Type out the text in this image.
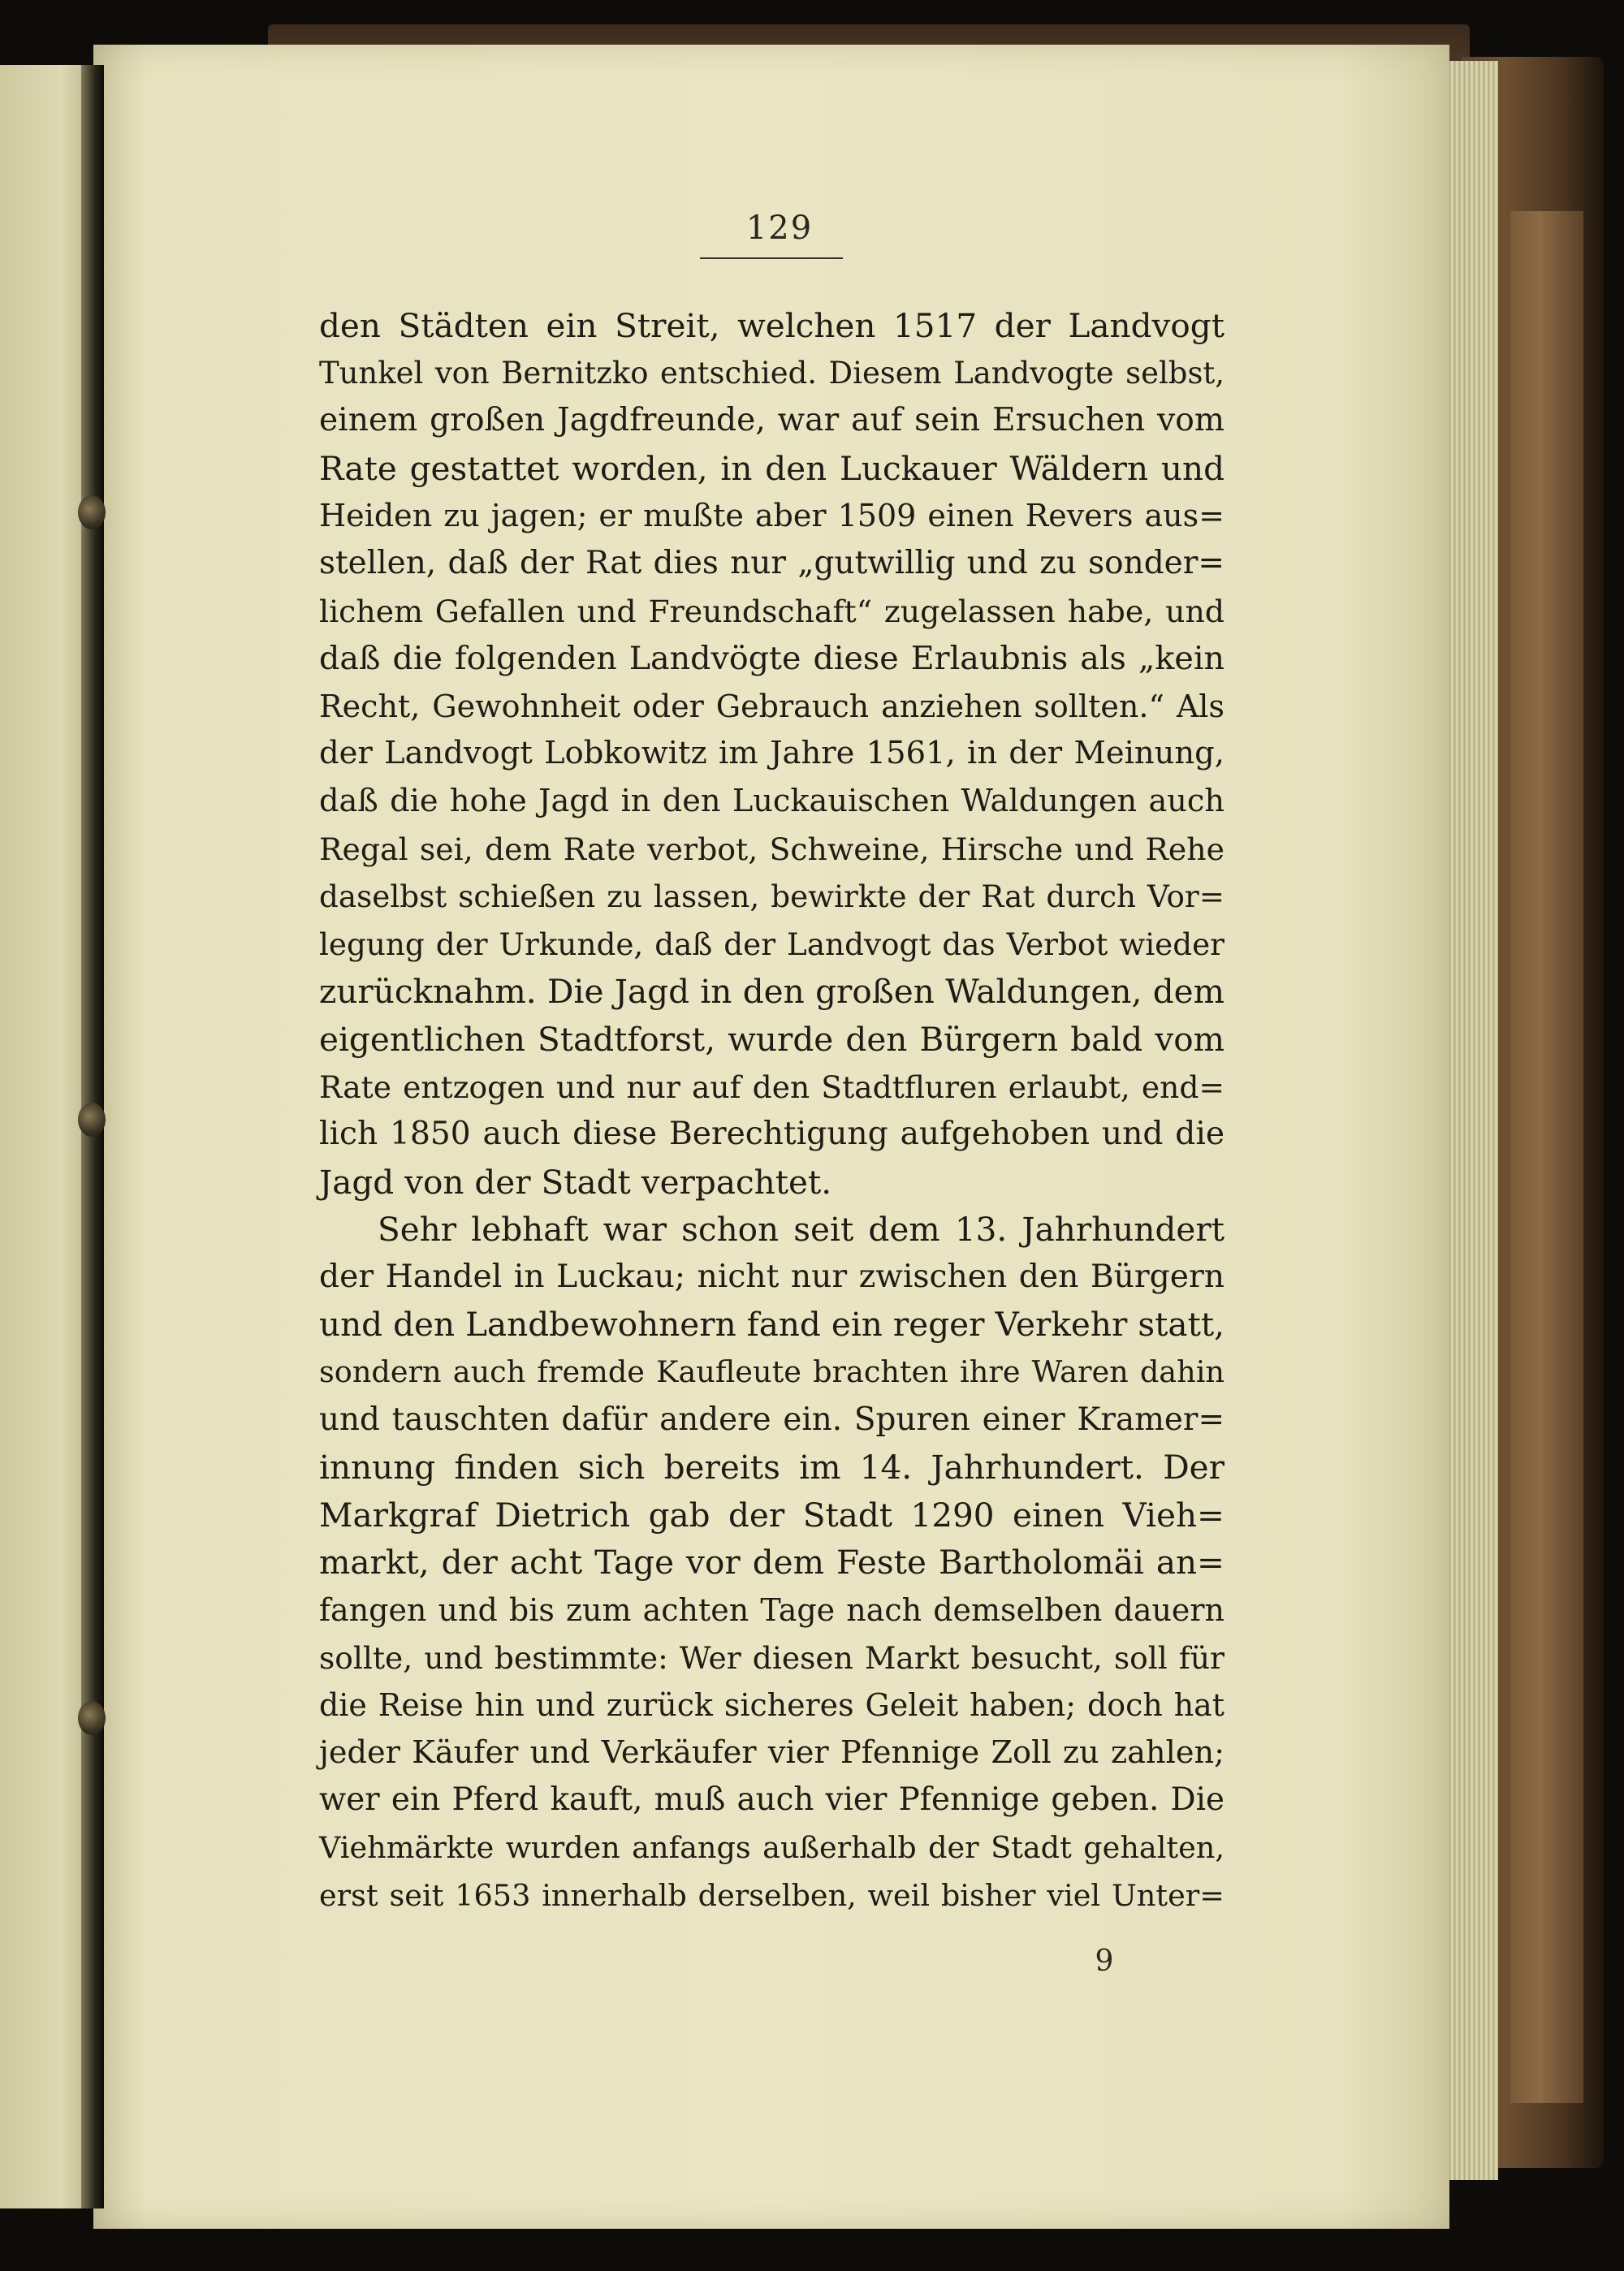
129
den Städten ein Streit, welchen 1517 der Landvogt
Tunkel von Bernitzko entschied. Diesem Landvogte selbst,
einem großen Jagdfreunde, war auf sein Ersuchen vom
Rate gestattet worden, in den Luckauer Wäldern und
Heiden zu jagen; er mußte aber 1509 einen Revers aus=
stellen, daß der Rat dies nur „gutwillig und zu sonder=
lichem Gefallen und Freundschaft“ zugelassen habe, und
daß die folgenden Landvögte diese Erlaubnis als „kein
Recht, Gewohnheit oder Gebrauch anziehen sollten.“ Als
der Landvogt Lobkowitz im Jahre 1561, in der Meinung,
daß die hohe Jagd in den Luckauischen Waldungen auch
Regal sei, dem Rate verbot, Schweine, Hirsche und Rehe
daselbst schießen zu lassen, bewirkte der Rat durch Vor=
legung der Urkunde, daß der Landvogt das Verbot wieder
zurücknahm. Die Jagd in den großen Waldungen, dem
eigentlichen Stadtforst, wurde den Bürgern bald vom
Rate entzogen und nur auf den Stadtfluren erlaubt, end=
lich 1850 auch diese Berechtigung aufgehoben und die
Jagd von der Stadt verpachtet.
Sehr lebhaft war schon seit dem 13. Jahrhundert
der Handel in Luckau; nicht nur zwischen den Bürgern
und den Landbewohnern fand ein reger Verkehr statt,
sondern auch fremde Kaufleute brachten ihre Waren dahin
und tauschten dafür andere ein. Spuren einer Kramer=
innung finden sich bereits im 14. Jahrhundert. Der
Markgraf Dietrich gab der Stadt 1290 einen Vieh=
markt, der acht Tage vor dem Feste Bartholomäi an=
fangen und bis zum achten Tage nach demselben dauern
sollte, und bestimmte: Wer diesen Markt besucht, soll für
die Reise hin und zurück sicheres Geleit haben; doch hat
jeder Käufer und Verkäufer vier Pfennige Zoll zu zahlen;
wer ein Pferd kauft, muß auch vier Pfennige geben. Die
Viehmärkte wurden anfangs außerhalb der Stadt gehalten,
erst seit 1653 innerhalb derselben, weil bisher viel Unter=
9
